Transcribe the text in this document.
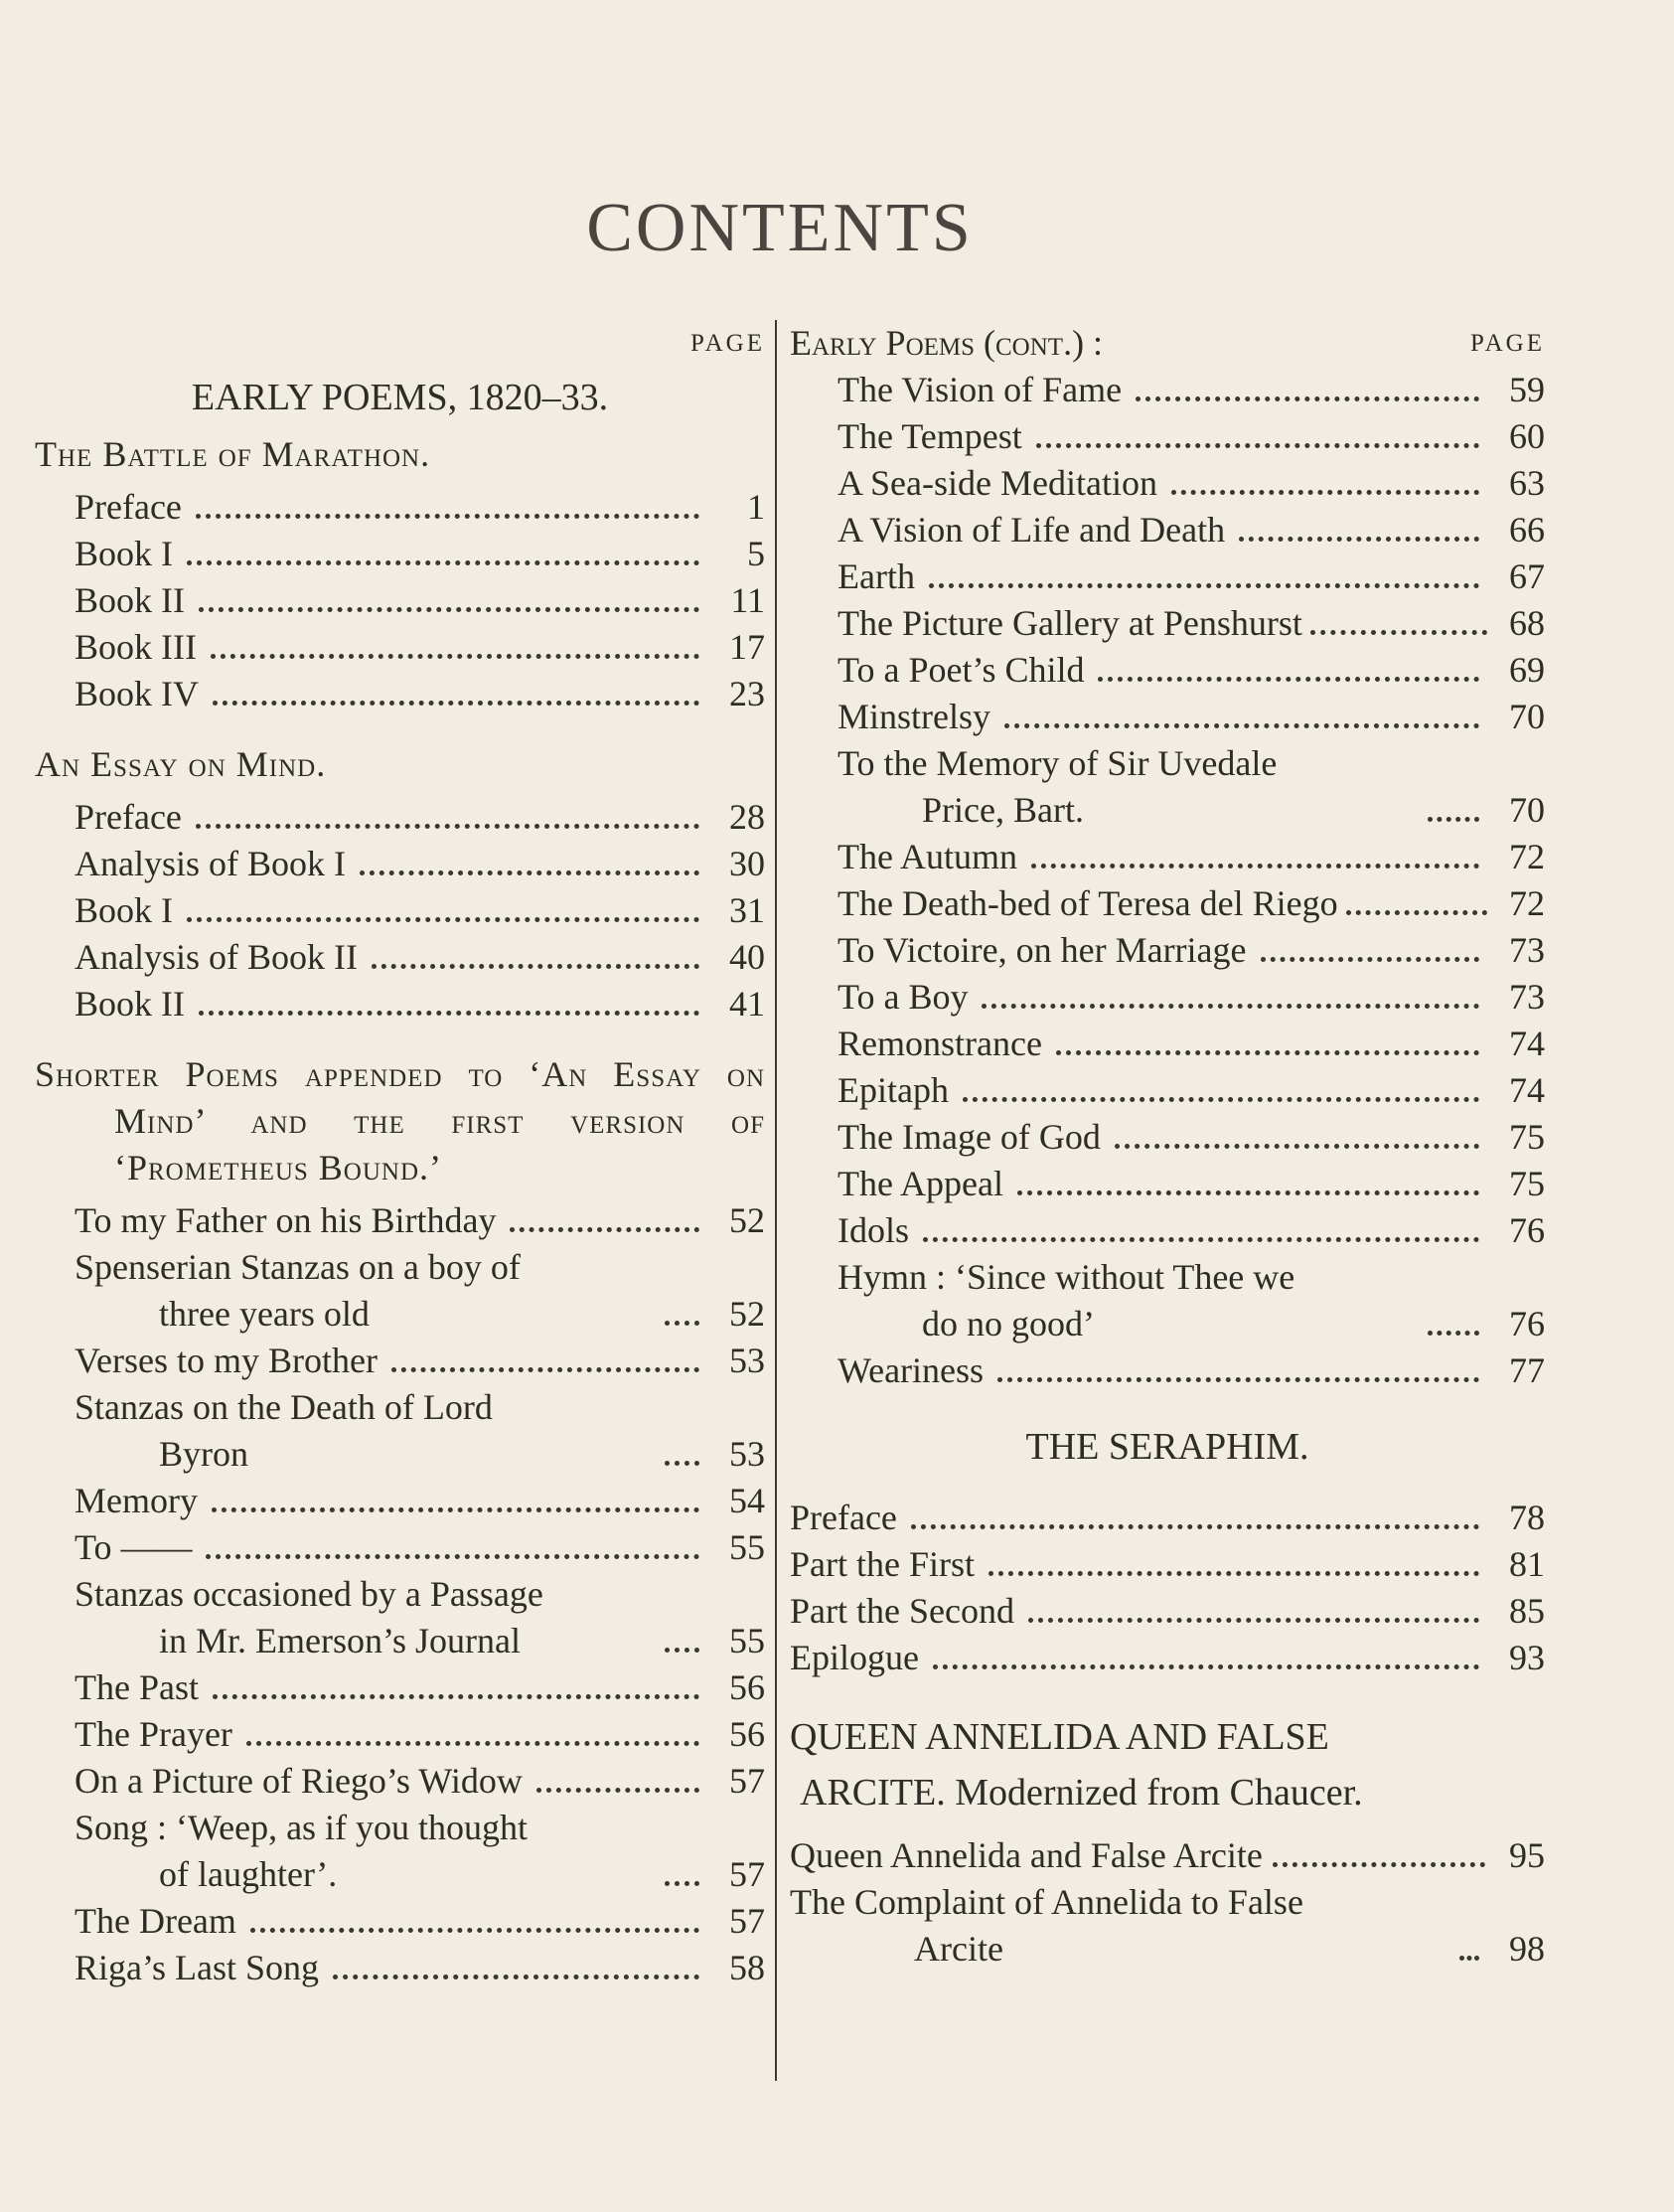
CONTENTS
PAGE
EARLY POEMS, 1820–33.
The Battle of Marathon.
Preface	1
Book I	5
Book II	11
Book III	17
Book IV	23
An Essay on Mind.
Preface	28
Analysis of Book I	30
Book I	31
Analysis of Book II	40
Book II	41
Shorter Poems appended to ‘An Essay on Mind’ and the first version of ‘Prometheus Bound.’
To my Father on his Birthday	52
Spenserian Stanzas on a boy of
three years old	52
Verses to my Brother	53
Stanzas on the Death of Lord
Byron	53
Memory	54
To ——	55
Stanzas occasioned by a Passage
in Mr. Emerson’s Journal	55
The Past	56
The Prayer	56
On a Picture of Riego’s Widow	57
Song : ‘Weep, as if you thought
of laughter’.	57
The Dream	57
Riga’s Last Song	58
Early Poems (cont.) :	PAGE
The Vision of Fame	59
The Tempest	60
A Sea-side Meditation	63
A Vision of Life and Death	66
Earth	67
The Picture Gallery at Penshurst	68
To a Poet’s Child	69
Minstrelsy	70
To the Memory of Sir Uvedale
Price, Bart.	70
The Autumn	72
The Death-bed of Teresa del Riego	72
To Victoire, on her Marriage	73
To a Boy	73
Remonstrance	74
Epitaph	74
The Image of God	75
The Appeal	75
Idols	76
Hymn : ‘Since without Thee we
do no good’	76
Weariness	77
THE SERAPHIM.
Preface	78
Part the First	81
Part the Second	85
Epilogue	93
QUEEN ANNELIDA AND FALSE
ARCITE. Modernized from Chaucer.
Queen Annelida and False Arcite	95
The Complaint of Annelida to False
Arcite	98
